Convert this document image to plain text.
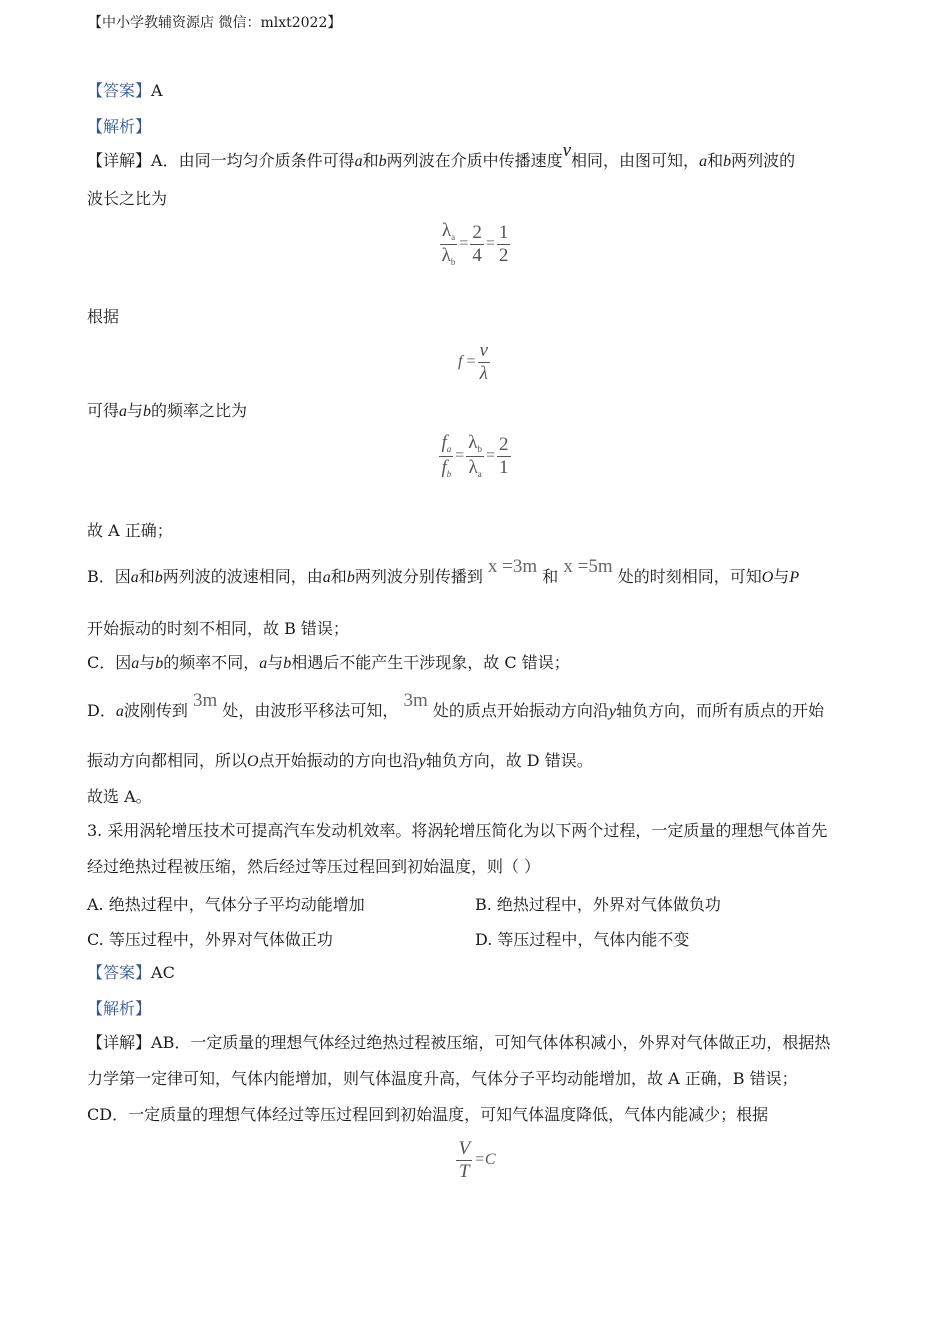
【中小学教辅资源店 微信：mlxt2022】
【答案】A
【解析】
【详解】A．由同一均匀介质条件可得a和b两列波在介质中传播速度v相同，由图可知，a和b两列波的
波长之比为
$\frac{\lambda_a}{\lambda_b} = \frac{2}{4} = \frac{1}{2}$
根据
$f = \frac{v}{\lambda}$
可得a与b的频率之比为
$\frac{f_a}{f_b} = \frac{\lambda_b}{\lambda_a} = \frac{2}{1}$
故 A 正确；
B．因a和b两列波的波速相同，由a和b两列波分别传播到 x =3m 和 x =5m 处的时刻相同，可知O与P
开始振动的时刻不相同，故 B 错误；
C．因a与b的频率不同，a与b相遇后不能产生干涉现象，故 C 错误；
D．a波刚传到 3m 处，由波形平移法可知， 3m 处的质点开始振动方向沿y轴负方向，而所有质点的开始
振动方向都相同，所以O点开始振动的方向也沿y轴负方向，故 D 错误。
故选 A。
3. 采用涡轮增压技术可提高汽车发动机效率。将涡轮增压简化为以下两个过程，一定质量的理想气体首先
经过绝热过程被压缩，然后经过等压过程回到初始温度，则（ ）
A. 绝热过程中，气体分子平均动能增加	B. 绝热过程中，外界对气体做负功
C. 等压过程中，外界对气体做正功	D. 等压过程中，气体内能不变
【答案】AC
【解析】
【详解】AB．一定质量的理想气体经过绝热过程被压缩，可知气体体积减小，外界对气体做正功，根据热
力学第一定律可知，气体内能增加，则气体温度升高，气体分子平均动能增加，故 A 正确，B 错误；
CD．一定质量的理想气体经过等压过程回到初始温度，可知气体温度降低，气体内能减少；根据
$\frac{V}{T} =C$
